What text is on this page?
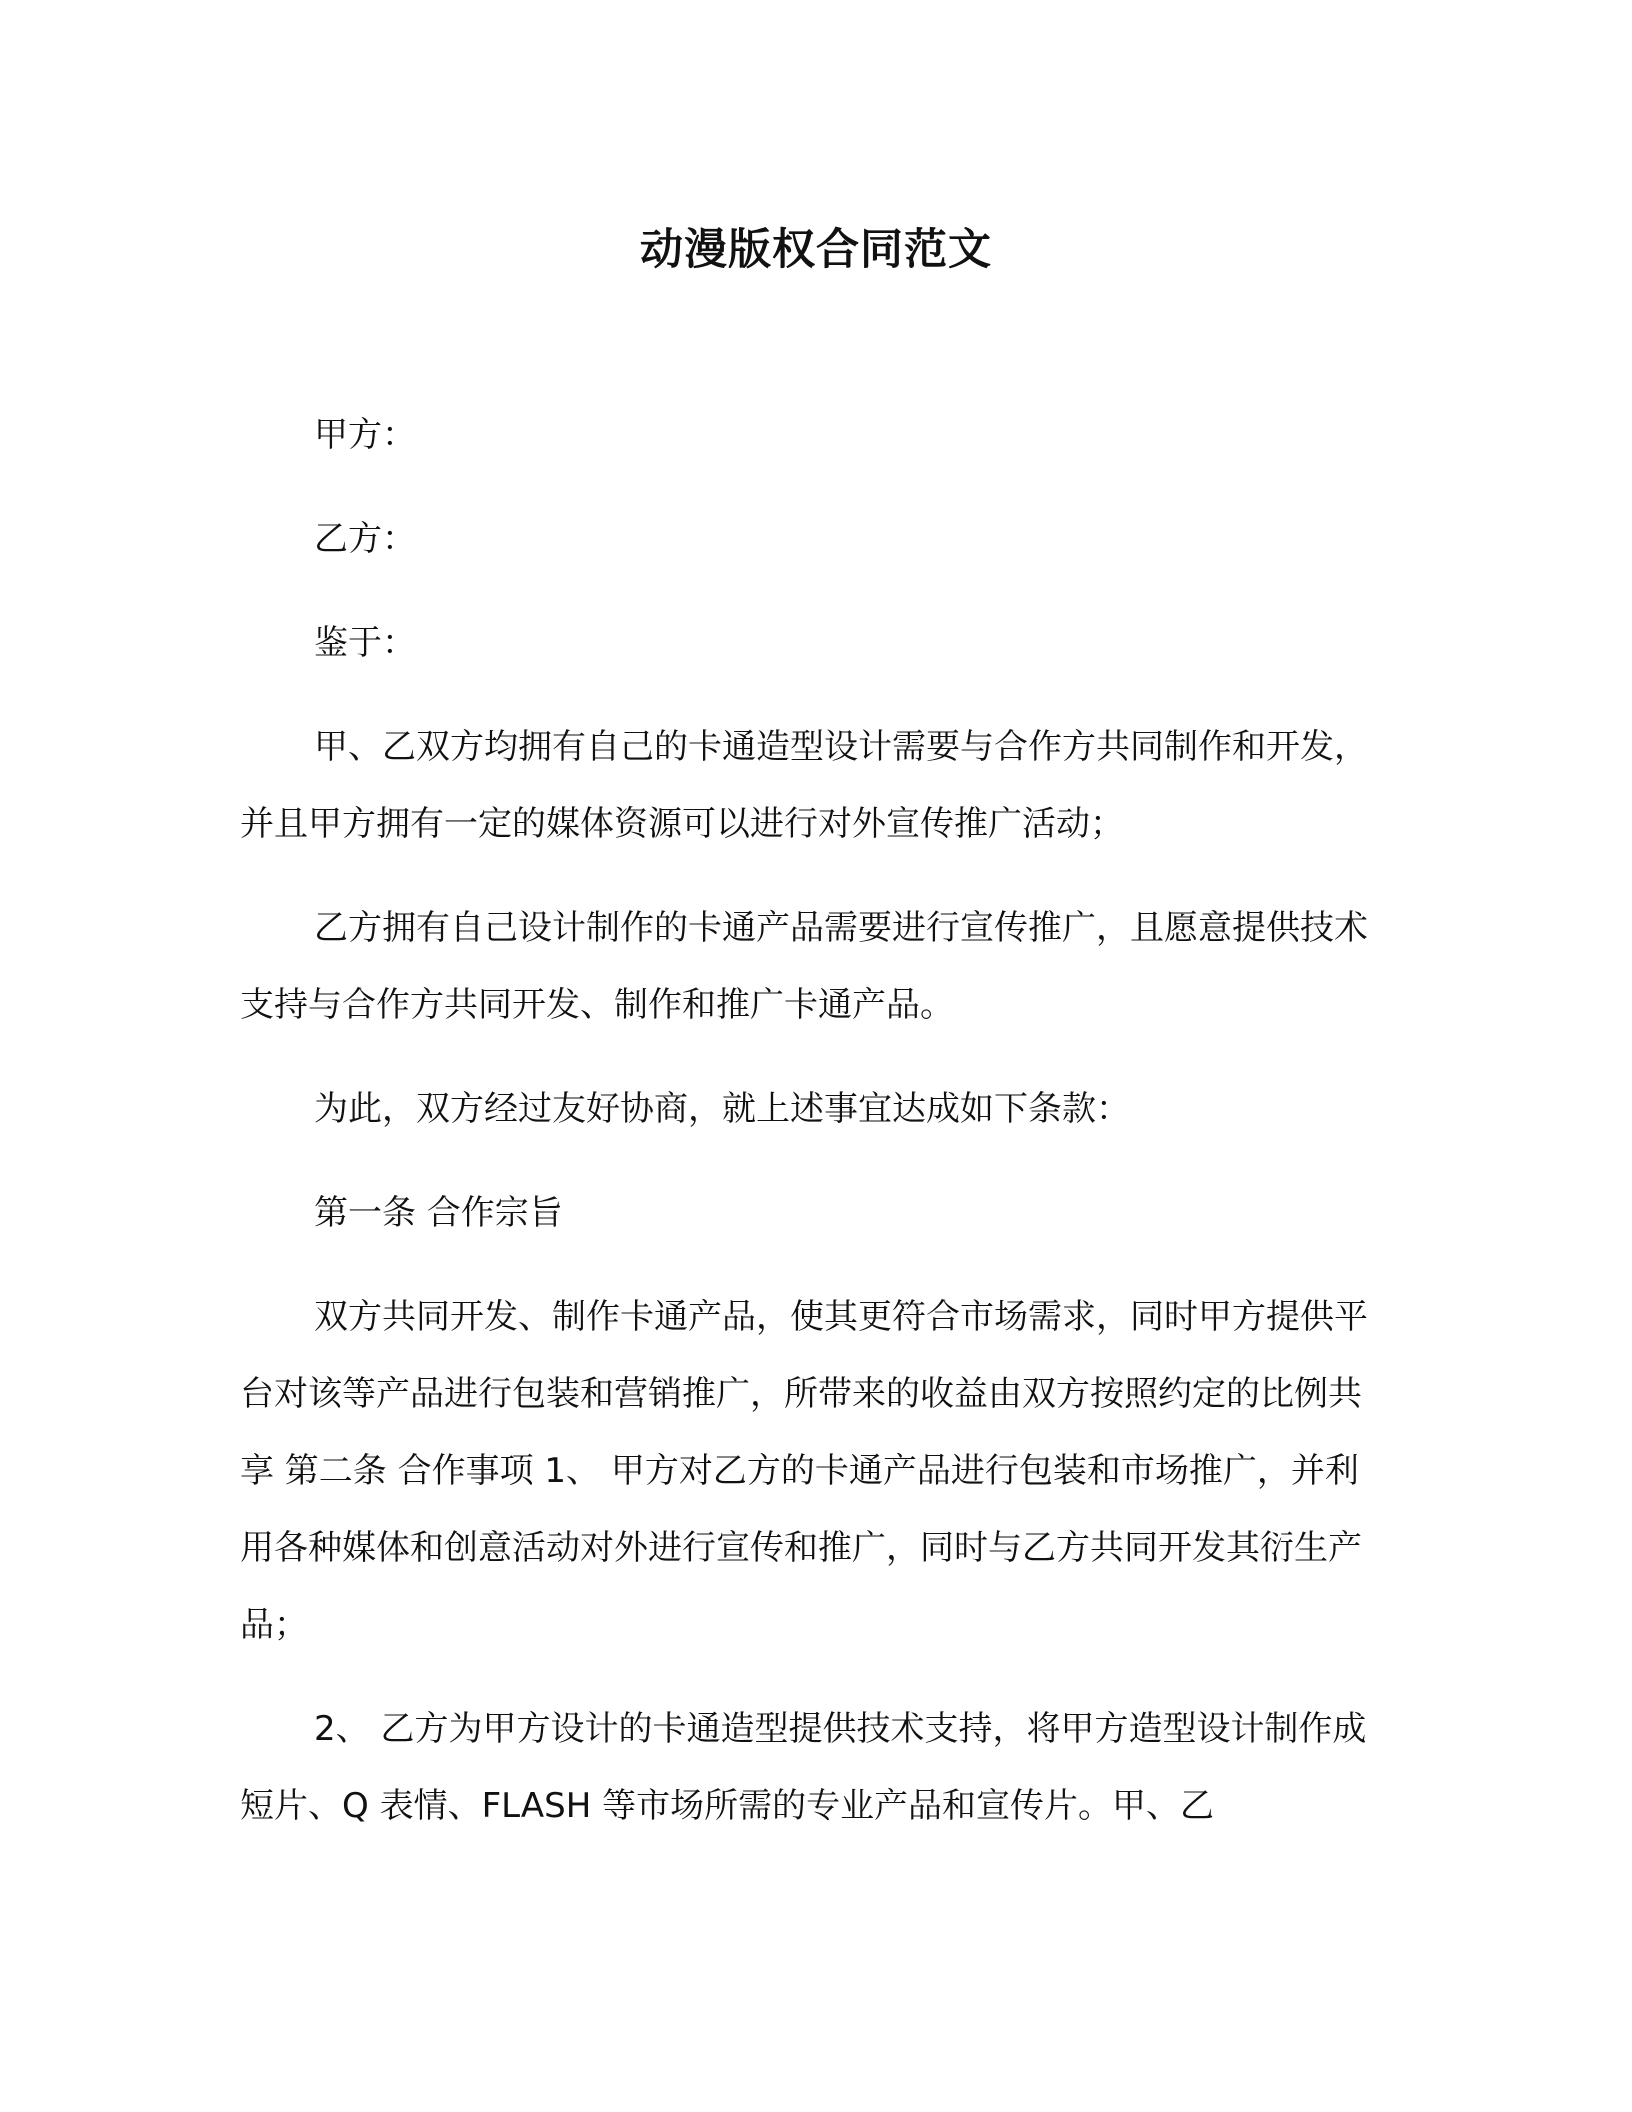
动漫版权合同范文

甲方：

乙方：

鉴于：

甲、乙双方均拥有自己的卡通造型设计需要与合作方共同制作和开发，并且甲方拥有一定的媒体资源可以进行对外宣传推广活动；

乙方拥有自己设计制作的卡通产品需要进行宣传推广，且愿意提供技术支持与合作方共同开发、制作和推广卡通产品。

为此，双方经过友好协商，就上述事宜达成如下条款：

第一条 合作宗旨

双方共同开发、制作卡通产品，使其更符合市场需求，同时甲方提供平台对该等产品进行包装和营销推广，所带来的收益由双方按照约定的比例共享 第二条 合作事项 1、 甲方对乙方的卡通产品进行包装和市场推广，并利用各种媒体和创意活动对外进行宣传和推广，同时与乙方共同开发其衍生产品；

2、 乙方为甲方设计的卡通造型提供技术支持，将甲方造型设计制作成短片、Q 表情、FLASH 等市场所需的专业产品和宣传片。甲、乙
